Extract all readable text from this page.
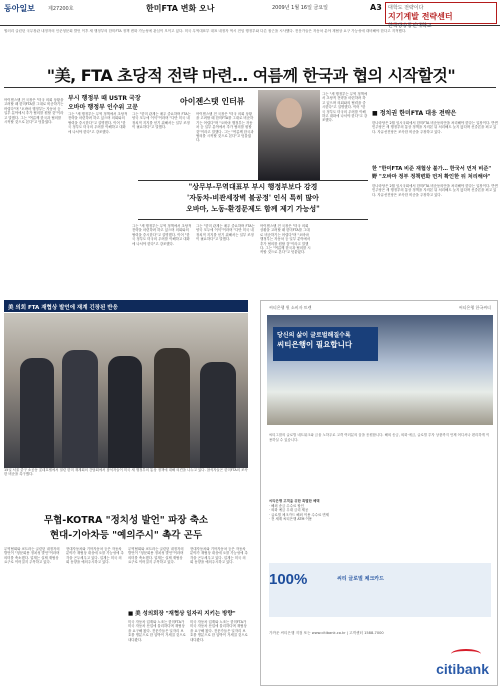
동아일보	제27200호	한미FTA 변화 오나	2009년 1월 16일 금요일	A3 대학도 전략이다
지기계발 전략센터
한국방송통신대학교
힐러리 클린턴 국무장관 내정자의 인준청문회 발언 이후 새 행정부의 한미FTA 정책 변화 가능성에 관심이 모이고 있다. 미국 무역대표부 대표 내정자 역시 전임 행정부와 다른 접근을 시사했다. 전문가들은 자동차 분야 재협상 요구 가능성에 대비해야 한다고 지적했다.
"美, FTA 초당적 전략 마련… 여름께 한국과 협의 시작할것"
아이젠스탯 전 국장은 "미국 의회 상황을 고려할 때 한미FTA를 그대로 비준하기는 어렵다"며 "오바마 행정부는 자동차 등 일부 분야에서 추가 협의를 원할 것"이라고 말했다. 그는 "여름께 한국과 협의를 시작할 것으로 본다"고 덧붙였다.
부시 행정부 때 USTR 국장
오바마 행정부 인수위 고문
아이젠스탯 인터뷰
그는 "새 행정부는 무역 정책에서 초당적 전략을 마련하려 하고 있으며 의회와의 협력을 중시한다"고 설명했다. 이어 "한국 정부도 미국의 우려를 이해하고 대화에 나서야 한다"고 강조했다.
그는 "한미 관계는 매우 중요하며 FTA는 양국 모두에 이익"이라며 "다만 미국 내 정치적 지지를 얻기 위해서는 일부 조정이 필요하다"고 말했다.
아이젠스탯 전 국장은 "미국 의회 상황을 고려할 때 한미FTA를 그대로 비준하기는 어렵다"며 "오바마 행정부는 자동차 등 일부 분야에서 추가 협의를 원할 것"이라고 말했다. 그는 "여름께 한국과 협의를 시작할 것으로 본다"고 덧붙였다.
"상무부-무역대표부 부시 행정부보다 강경
'자동차-비관세장벽 불공정' 인식 특히 많아
오바마, 노동-환경문제도 함께 제기 가능성"
그는 "새 행정부는 무역 정책에서 초당적 전략을 마련하려 하고 있으며 의회와의 협력을 중시한다"고 설명했다. 이어 "한국 정부도 미국의 우려를 이해하고 대화에 나서야 한다"고 강조했다.
그는 "한미 관계는 매우 중요하며 FTA는 양국 모두에 이익"이라며 "다만 미국 내 정치적 지지를 얻기 위해서는 일부 조정이 필요하다"고 말했다.
아이젠스탯 전 국장은 "미국 의회 상황을 고려할 때 한미FTA를 그대로 비준하기는 어렵다"며 "오바마 행정부는 자동차 등 일부 분야에서 추가 협의를 원할 것"이라고 말했다. 그는 "여름께 한국과 협의를 시작할 것으로 본다"고 덧붙였다.
그는 "새 행정부는 무역 정책에서 초당적 전략을 마련하려 하고 있으며 의회와의 협력을 중시한다"고 설명했다. 이어 "한국 정부도 미국의 우려를 이해하고 대화에 나서야 한다"고 강조했다.
■ 정치권 한미FTA 대응 전략은
한나라당은 2월 임시국회에서 한미FTA 비준동의안을 처리해야 한다는 입장이다. 반면 민주당은 새 행정부의 통상 정책을 지켜본 뒤 처리해도 늦지 않다며 신중론을 펴고 있다. 자유선진당은 조속한 비준을 주장하고 있다.
한 "한미FTA 비준 재협상 불가… 한국서 먼저 비준"
野 "오바마 정부 정책변화 먼저 확인한 뒤 처리해야"
한나라당은 2월 임시국회에서 한미FTA 비준동의안을 처리해야 한다는 입장이다. 반면 민주당은 새 행정부의 통상 정책을 지켜본 뒤 처리해도 늦지 않다며 신중론을 펴고 있다. 자유선진당은 조속한 비준을 주장하고 있다.
美 의회 FTA 재협상 발언에 재계 긴장된 반응
15일 서울 중구 소공동 롯데호텔에서 열린 한미 재계회의 간담회에서 참석자들이 미국 새 행정부의 통상 정책에 대해 의견을 나누고 있다. 참석자들은 한미FTA의 조속한 비준을 촉구했다.
무협-KOTRA "정치성 발언" 파장 축소
현대-기아차등 "예의주시" 촉각 곤두
무역협회와 코트라는 클린턴 내정자의 발언이 "청문회용 정치성 발언"이라며 의미를 축소했다. 업계는 실제 재협상 요구로 이어질지 주목하고 있다.
현대자동차와 기아자동차 등은 자동차 분야가 재협상 대상에 오를 가능성에 촉각을 곤두세우고 있다. 업계는 미국 의회 동향을 예의주시하고 있다.
무역협회와 코트라는 클린턴 내정자의 발언이 "청문회용 정치성 발언"이라며 의미를 축소했다. 업계는 실제 재협상 요구로 이어질지 주목하고 있다.
현대자동차와 기아자동차 등은 자동차 분야가 재협상 대상에 오를 가능성에 촉각을 곤두세우고 있다. 업계는 미국 의회 동향을 예의주시하고 있다.
■ 美 성의회장 "재협상 일자리 지키는 방향"
미국 자동차 업계와 노조는 한미FTA가 미국 자동차 산업에 불리하다며 재협상을 요구해 왔다. 전문가들은 일자리 보호를 명분으로 한 압박이 거세질 것으로 내다봤다.
미국 자동차 업계와 노조는 한미FTA가 미국 자동차 산업에 불리하다며 재협상을 요구해 왔다. 전문가들은 일자리 보호를 명분으로 한 압박이 거세질 것으로 내다봤다.
씨티은행 원 소비자 트렌	씨티은행 한국씨티
당신의 삶이 글로벌해질수록
씨티은행이 필요합니다
씨티그룹의 글로벌 네트워크와 금융 노하우로 고객 여러분의 꿈을 응원합니다. 해외 송금, 외화 예금, 글로벌 투자 상품까지 언제 어디서나 편리하게 이용하실 수 있습니다.
씨티은행 고객을 위한 특별한 혜택
· 해외 송금 수수료 할인
· 외화 예금 우대 금리 제공
· 글로벌 체크카드 해외 이용 수수료 면제
· 전 세계 씨티은행 ATM 이용
100%	씨티 글로벌 체크카드
가까운 씨티은행 지점 또는 www.citibank.co.kr | 고객센터 1588-7000
citibank
